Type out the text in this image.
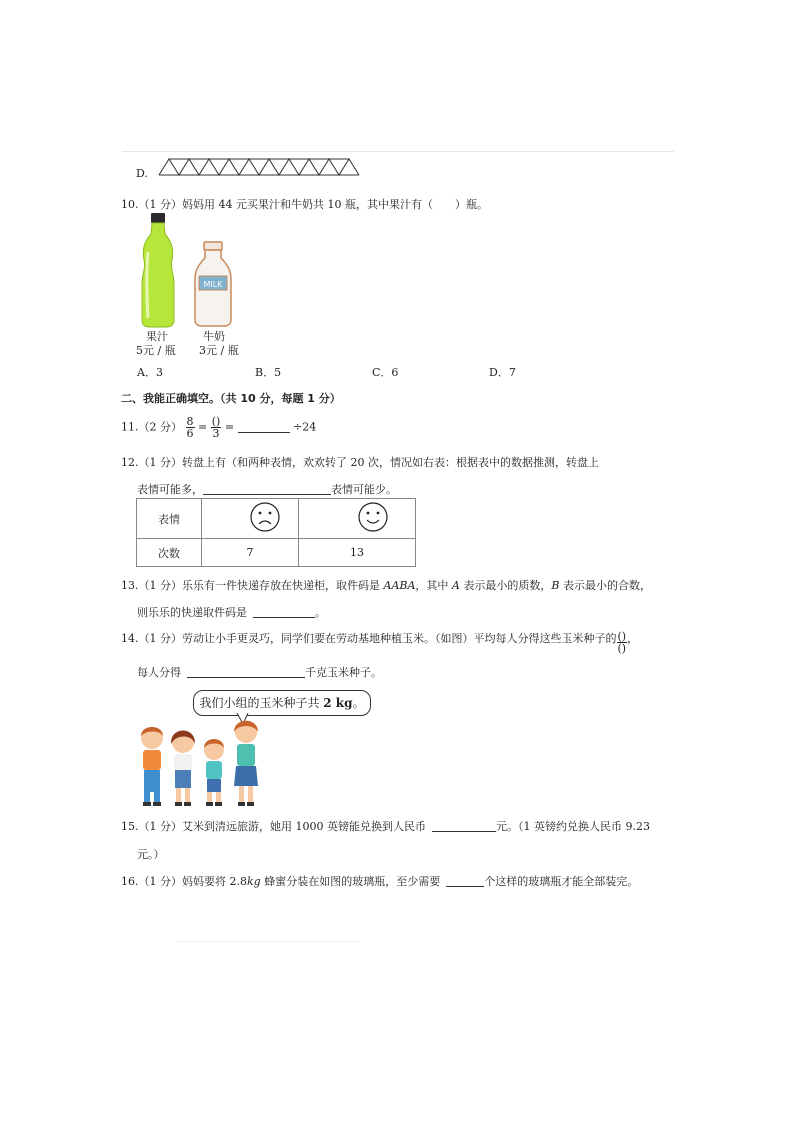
D.
10.（1 分）妈妈用 44 元买果汁和牛奶共 10 瓶，其中果汁有（　　）瓶。
MILK
果汁
5元 / 瓶
牛奶
3元 / 瓶
A．3	B．5	C．6	D．7
二、我能正确填空。（共 10 分，每题 1 分）
11.（2 分） $\frac{8}{6} = \frac{()}{3}$ =	÷24
12.（1 分）转盘上有（和两种表情，欢欢转了 20 次，情况如右表：根据表中的数据推测，转盘上
表情可能多，	表情可能少。
表情		
次数	7	13
13.（1 分）乐乐有一件快递存放在快递柜，取件码是 AABA，其中 A 表示最小的质数，B 表示最小的合数，
则乐乐的快递取件码是	。
14.（1 分）劳动让小手更灵巧，同学们要在劳动基地种植玉米。（如图）平均每人分得这些玉米种子的 $\frac{()}{()}$ ，
每人分得	千克玉米种子。
我们小组的玉米种子共 2 kg。
15.（1 分）艾米到清远旅游，她用 1000 英镑能兑换到人民币	元。（1 英镑约兑换人民币 9.23
元。）
16.（1 分）妈妈要将 2.8kg 蜂蜜分装在如图的玻璃瓶，至少需要	个这样的玻璃瓶才能全部装完。
